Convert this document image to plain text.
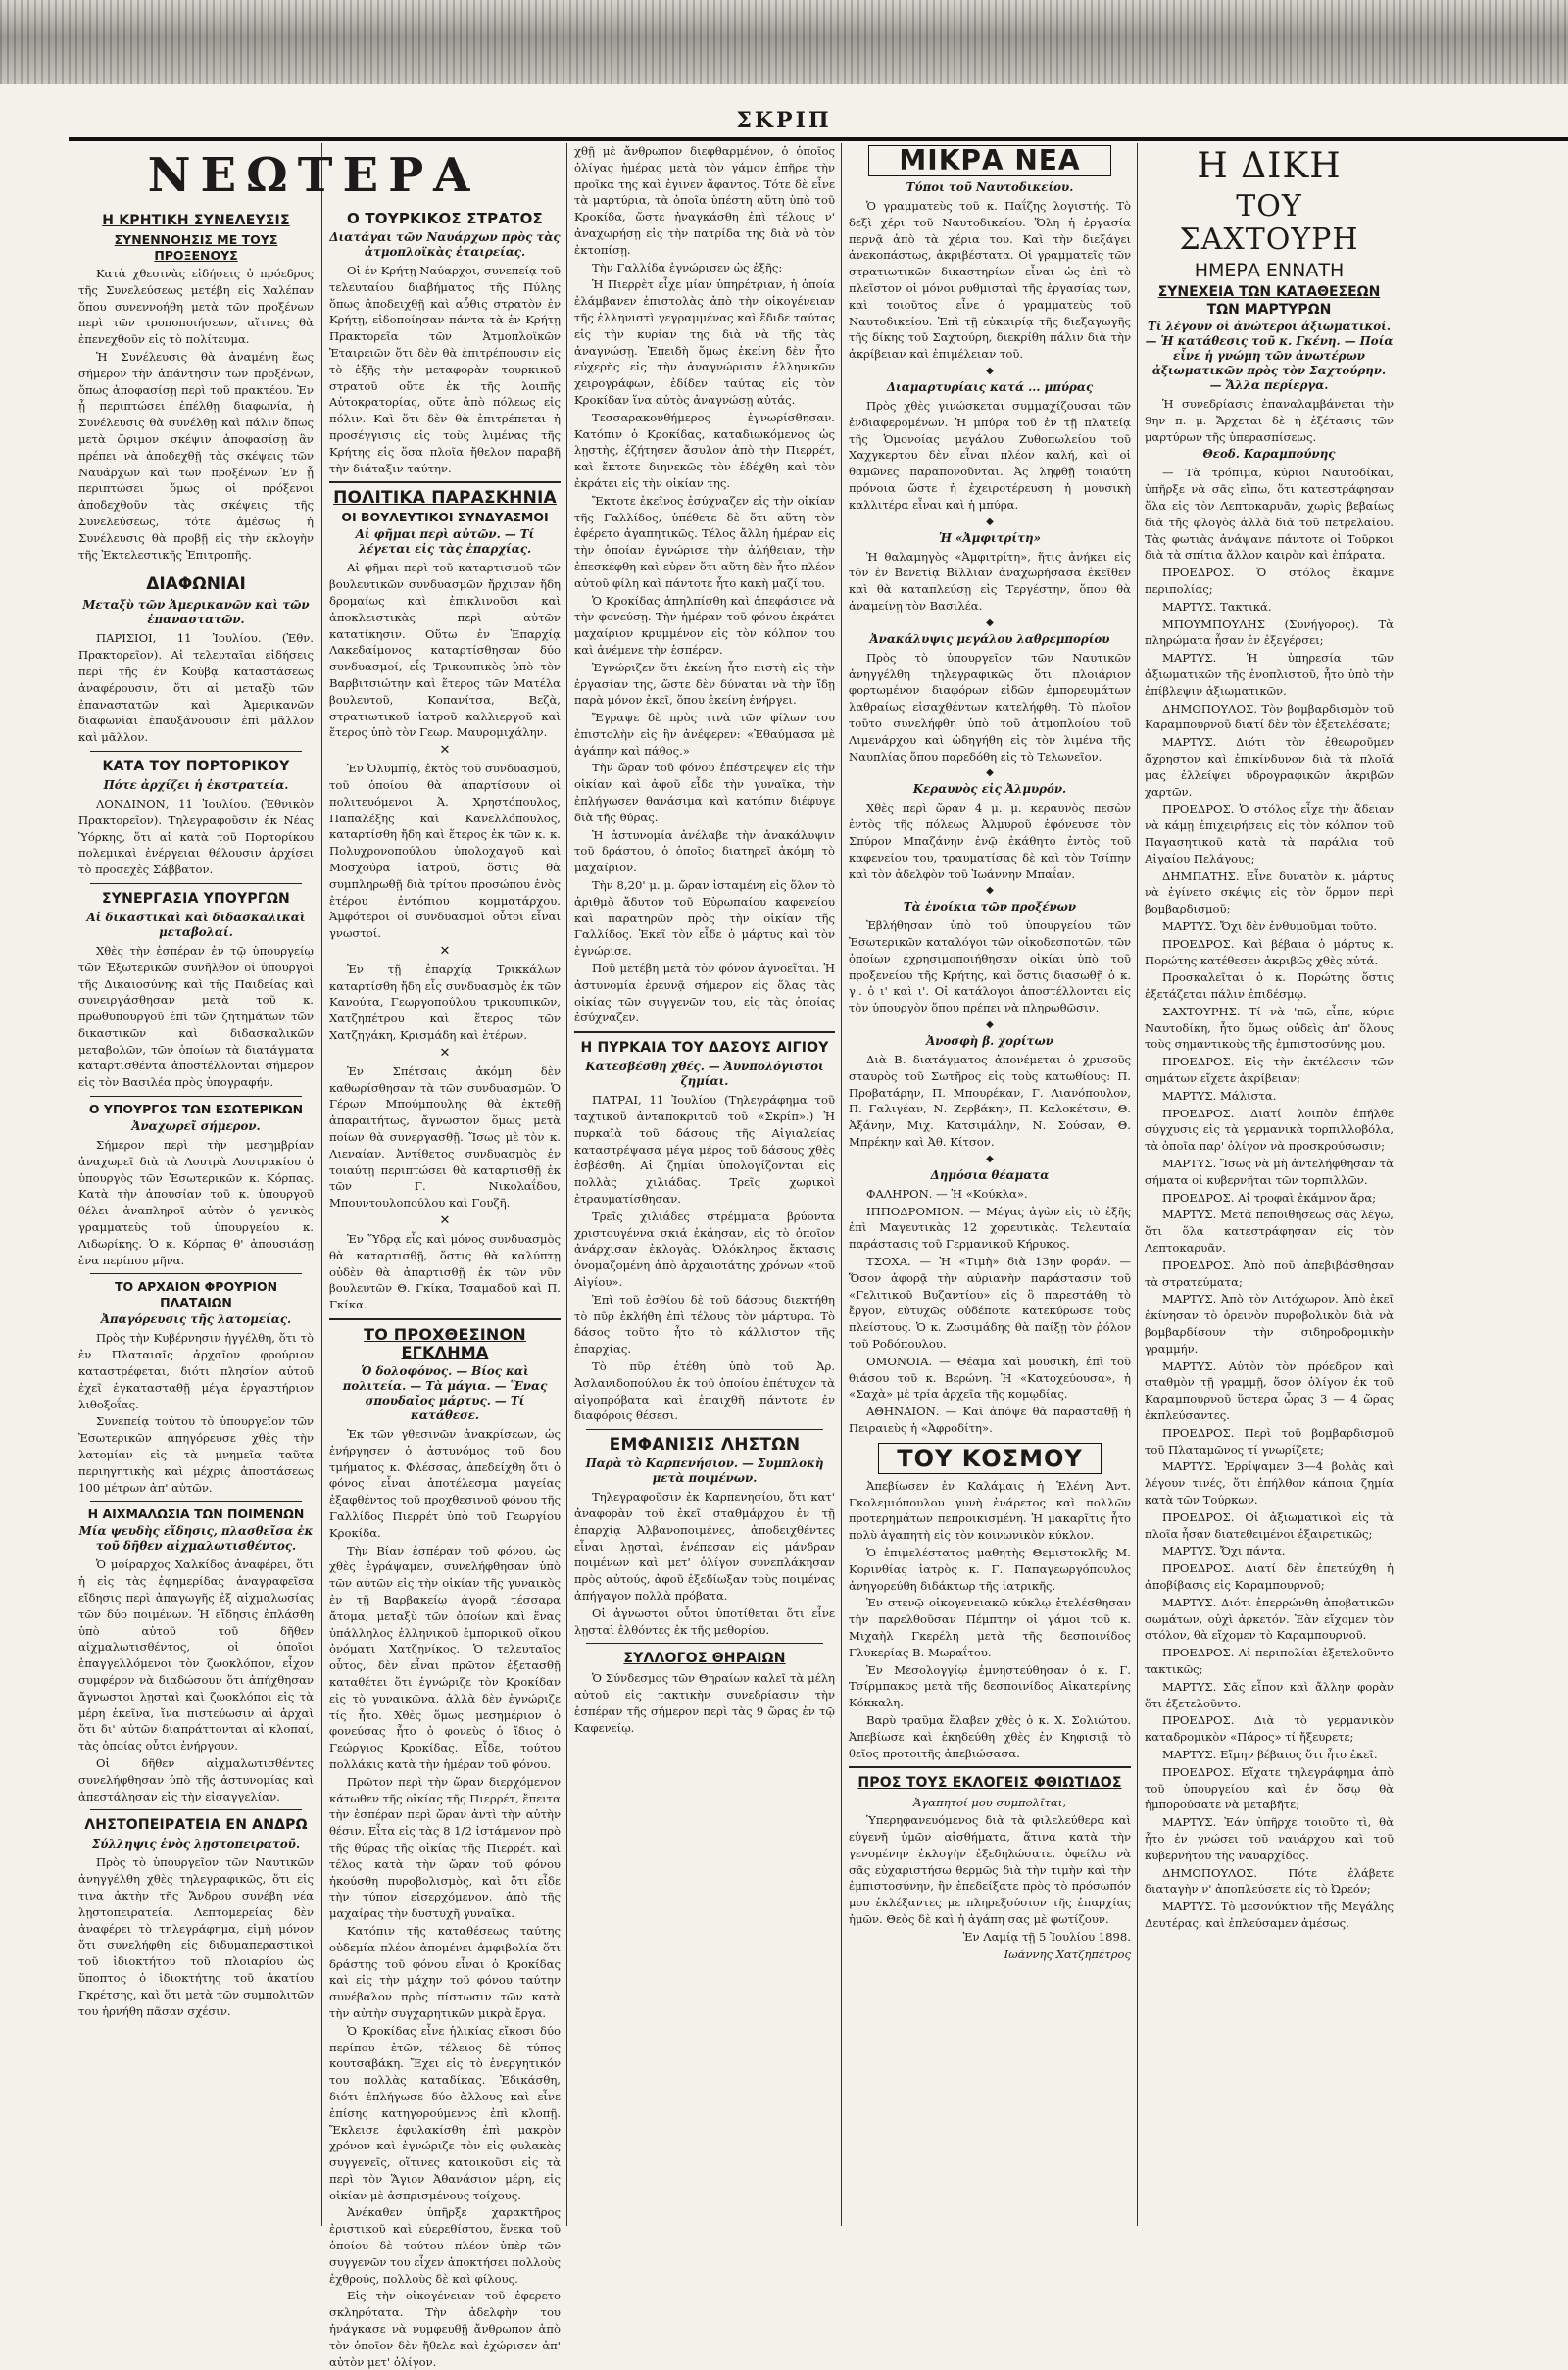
ΣΚΡΙΠ
ΝΕΩΤΕΡΑ
Η ΚΡΗΤΙΚΗ ΣΥΝΕΛΕΥΣΙΣ
ΣΥΝΕΝΝΟΗΣΙΣ ΜΕ ΤΟΥΣ ΠΡΟΞΕΝΟΥΣ

Κατὰ χθεσινὰς εἰδήσεις ὁ πρόεδρος τῆς Συνελεύσεως μετέβη εἰς Χαλέπαν ὅπου συνεννοήθη μετὰ τῶν προξένων περὶ τῶν τροποποιήσεων, αἵτινες θὰ ἐπενεχθοῦν εἰς τὸ πολίτευμα.

Ἡ Συνέλευσις θὰ ἀναμένη ἕως σήμερον τὴν ἀπάντησιν τῶν προξένων, ὅπως ἀποφασίσῃ περὶ τοῦ πρακτέου. Ἐν ᾗ περιπτώσει ἐπέλθῃ διαφωνία, ἡ Συνέλευσις θὰ συνέλθῃ καὶ πάλιν ὅπως μετὰ ὥριμον σκέψιν ἀποφασίσῃ ἂν πρέπει νὰ ἀποδεχθῇ τὰς σκέψεις τῶν Ναυάρχων καὶ τῶν προξένων. Ἐν ᾗ περιπτώσει ὅμως οἱ πρόξενοι ἀποδεχθοῦν τὰς σκέψεις τῆς Συνελεύσεως, τότε ἀμέσως ἡ Συνέλευσις θὰ προβῇ εἰς τὴν ἐκλογὴν τῆς Ἐκτελεστικῆς Ἐπιτροπῆς.

ΔΙΑΦΩΝΙΑΙ
Μεταξὺ τῶν Ἀμερικανῶν καὶ τῶν ἐπαναστατῶν.

ΠΑΡΙΣΙΟΙ, 11 Ἰουλίου. (Ἐθν. Πρακτορεῖον). Αἱ τελευταῖαι εἰδήσεις περὶ τῆς ἐν Κούβᾳ καταστάσεως ἀναφέρουσιν, ὅτι αἱ μεταξὺ τῶν ἐπαναστατῶν καὶ Ἀμερικανῶν διαφωνίαι ἐπαυξάνουσιν ἐπὶ μᾶλλον καὶ μᾶλλον.

ΚΑΤΑ ΤΟΥ ΠΟΡΤΟΡΙΚΟΥ
Πότε ἀρχίζει ἡ ἐκστρατεία.

ΛΟΝΔΙΝΟΝ, 11 Ἰουλίου. (Ἐθνικὸν Πρακτορεῖον). Τηλεγραφοῦσιν ἐκ Νέας Ὑόρκης, ὅτι αἱ κατὰ τοῦ Πορτορίκου πολεμικαὶ ἐνέργειαι θέλουσιν ἀρχίσει τὸ προσεχὲς Σάββατον.

ΣΥΝΕΡΓΑΣΙΑ ΥΠΟΥΡΓΩΝ
Αἱ δικαστικαὶ καὶ διδασκαλικαὶ μεταβολαί.

Χθὲς τὴν ἑσπέραν ἐν τῷ ὑπουργείῳ τῶν Ἐξωτερικῶν συνῆλθον οἱ ὑπουργοὶ τῆς Δικαιοσύνης καὶ τῆς Παιδείας καὶ συνειργάσθησαν μετὰ τοῦ κ. πρωθυπουργοῦ ἐπὶ τῶν ζητημάτων τῶν δικαστικῶν καὶ διδασκαλικῶν μεταβολῶν, τῶν ὁποίων τὰ διατάγματα καταρτισθέντα ἀποστέλλονται σήμερον εἰς τὸν Βασιλέα πρὸς ὑπογραφήν.

Ο ΥΠΟΥΡΓΟΣ ΤΩΝ ΕΣΩΤΕΡΙΚΩΝ
Ἀναχωρεῖ σήμερον.

Σήμερον περὶ τὴν μεσημβρίαν ἀναχωρεῖ διὰ τὰ Λουτρὰ Λουτρακίου ὁ ὑπουργὸς τῶν Ἐσωτερικῶν κ. Κόρπας. Κατὰ τὴν ἀπουσίαν τοῦ κ. ὑπουργοῦ θέλει ἀναπληροῖ αὐτὸν ὁ γενικὸς γραμματεὺς τοῦ ὑπουργείου κ. Λιδωρίκης. Ὁ κ. Κόρπας θ' ἀπουσιάσῃ ἐνα περίπου μῆνα.

ΤΟ ΑΡΧΑΙΟΝ ΦΡΟΥΡΙΟΝ ΠΛΑΤΑΙΩΝ
Ἀπαγόρευσις τῆς λατομείας.

Πρὸς τὴν Κυβέρνησιν ἠγγέλθη, ὅτι τὸ ἐν Πλαταιαῖς ἀρχαῖον φρούριον καταστρέφεται, διότι πλησίον αὐτοῦ ἐχεῖ ἐγκατασταθῇ μέγα ἐργαστήριον λιθοξοΐας.

Συνεπείᾳ τούτου τὸ ὑπουργεῖον τῶν Ἐσωτερικῶν ἀπηγόρευσε χθὲς τὴν λατομίαν εἰς τὰ μνημεῖα ταῦτα περιηγητικὴς καὶ μέχρις ἀποστάσεως 100 μέτρων ἀπ' αὐτῶν.

Η ΑΙΧΜΑΛΩΣΙΑ ΤΩΝ ΠΟΙΜΕΝΩΝ
Μία ψευδὴς εἴδησις, πλασθεῖσα ἐκ τοῦ δῆθεν αἰχμαλωτισθέντος.

Ὁ μοίραρχος Χαλκίδος ἀναφέρει, ὅτι ἡ εἰς τὰς ἐφημερίδας ἀναγραφεῖσα εἴδησις περὶ ἀπαγωγῆς ἐξ αἰχμαλωσίας τῶν δύο ποιμένων. Ἡ εἴδησις ἐπλάσθη ὑπὸ αὐτοῦ τοῦ δῆθεν αἰχμαλωτισθέντος, οἱ ὁποῖοι ἐπαγγελλόμενοι τὸν ζωοκλόπον, εἶχον συμφέρον νὰ διαδώσουν ὅτι ἀπήχθησαν ἄγνωστοι λῃσταὶ καὶ ζωοκλόποι εἰς τὰ μέρη ἐκεῖνα, ἵνα πιστεύωσιν αἱ ἀρχαὶ ὅτι δι' αὐτῶν διαπράττονται αἱ κλοπαί, τὰς ὁποίας οὗτοι ἐνήργουν.

Οἱ δῆθεν αἰχμαλωτισθέντες συνελήφθησαν ὑπὸ τῆς ἀστυνομίας καὶ ἀπεστάλησαν εἰς τὴν εἰσαγγελίαν.

ΛΗΣΤΟΠΕΙΡΑΤΕΙΑ ΕΝ ΑΝΔΡΩ
Σύλληψις ἑνὸς λῃστοπειρατοῦ.

Πρὸς τὸ ὑπουργεῖον τῶν Ναυτικῶν ἀνηγγέλθη χθὲς τηλεγραφικῶς, ὅτι εἰς τινα ἀκτὴν τῆς Ἄνδρου συνέβη νέα λῃστοπειρατεία. Λεπτομερείας δὲν ἀναφέρει τὸ τηλεγράφημα, εἰμὴ μόνον ὅτι συνελήφθη εἰς διδυμαπεραστικοὶ τοῦ ἰδιοκτήτου τοῦ πλοιαρίου ὡς ὕποπτος ὁ ἱδιοκτήτης τοῦ ἀκατίου Γκρέτσης, καὶ ὅτι μετὰ τῶν συμπολιτῶν του ἠρνήθη πᾶσαν σχέσιν.

Ο ΤΟΥΡΚΙΚΟΣ ΣΤΡΑΤΟΣ
Διατάγαι τῶν Ναυάρχων πρὸς τὰς ἀτμοπλοϊκὰς ἑταιρείας.

Οἱ ἐν Κρήτῃ Ναύαρχοι, συνεπείᾳ τοῦ τελευταίου διαβήματος τῆς Πύλης ὅπως ἀποδειχθῇ καὶ αὖθις στρατὸν ἐν Κρήτῃ, εἰδοποίησαν πάντα τὰ ἐν Κρήτῃ Πρακτορεῖα τῶν Ἀτμοπλοϊκῶν Ἑταιρειῶν ὅτι δὲν θὰ ἐπιτρέπουσιν εἰς τὸ ἑξῆς τὴν μεταφορὰν τουρκικοῦ στρατοῦ οὔτε ἐκ τῆς λοιπῆς Αὐτοκρατορίας, οὔτε ἀπὸ πόλεως εἰς πόλιν. Καὶ ὅτι δὲν θὰ ἐπιτρέπεται ἡ προσέγγισις εἰς τοὺς λιμένας τῆς Κρήτης εἰς ὅσα πλοῖα ἤθελον παραβῆ τὴν διάταξιν ταύτην.

ΠΟΛΙΤΙΚΑ ΠΑΡΑΣΚΗΝΙΑ
ΟΙ ΒΟΥΛΕΥΤΙΚΟΙ ΣΥΝΔΥΑΣΜΟΙ
Αἱ φῆμαι περὶ αὐτῶν. — Τί λέγεται εἰς τὰς ἐπαρχίας.

Αἱ φῆμαι περὶ τοῦ καταρτισμοῦ τῶν βουλευτικῶν συνδυασμῶν ἤρχισαν ἤδη δρομαίως καὶ ἐπικλινοῦσι καὶ ἀποκλειστικὰς περὶ αὐτῶν κατατίκησιν. Οὕτω ἐν Ἐπαρχίᾳ Λακεδαίμονος καταρτίσθησαν δύο συνδυασμοί, εἷς Τρικουπικὸς ὑπὸ τὸν Βαρβιτσιώτην καὶ ἕτερος τῶν Ματέλα βουλευτοῦ, Κοπανίτσα, Βεζὰ, στρατιωτικοῦ ἰατροῦ καλλιεργοῦ καὶ ἕτερος ὑπὸ τὸν Γεωρ. Μαυρομιχάλην.

✕

Ἐν Ὀλυμπίᾳ, ἐκτὸς τοῦ συνδυασμοῦ, τοῦ ὁποίου θὰ ἀπαρτίσουν οἱ πολιτευόμενοι Ἀ. Χρηστόπουλος, Παπαλέξης καὶ Κανελλόπουλος, καταρτίσθη ἤδη καὶ ἕτερος ἐκ τῶν κ. κ. Πολυχρονοπούλου ὑπολοχαγοῦ καὶ Μοσχούρα ἰατροῦ, ὅστις θὰ συμπληρωθῇ διὰ τρίτου προσώπου ἑνὸς ἑτέρου ἐντόπιου κομματάρχου. Ἀμφότεροι οἱ συνδυασμοὶ οὗτοι εἶναι γνωστοί.

✕

Ἐν τῇ ἐπαρχίᾳ Τρικκάλων καταρτίσθη ἤδη εἷς συνδυασμὸς ἐκ τῶν Κανούτα, Γεωργοπούλου τρικουπικῶν, Χατζηπέτρου καὶ ἕτερος τῶν Χατζηγάκη, Κρισμάδη καὶ ἑτέρων.

✕

Ἐν Σπέτσαις ἀκόμη δὲν καθωρίσθησαν τὰ τῶν συνδυασμῶν. Ὁ Γέρων Μπούμπουλης θὰ ἐκτεθῇ ἀπαραιτήτως, ἄγνωστον ὅμως μετὰ ποίων θὰ συνεργασθῇ. Ἴσως μὲ τὸν κ. Λιεναίαν. Ἀντίθετος συνδυασμὸς ἐν τοιαύτῃ περιπτώσει θὰ καταρτισθῇ ἐκ τῶν Γ. Νικολαΐδου, Μπουντουλοπούλου καὶ Γουζῆ.

✕

Ἐν Ὕδρᾳ εἷς καὶ μόνος συνδυασμὸς θὰ καταρτισθῇ, ὅστις θὰ καλύπτῃ οὐδὲν θὰ ἀπαρτισθῇ ἐκ τῶν νῦν βουλευτῶν Θ. Γκίκα, Τσαμαδοῦ καὶ Π. Γκίκα.

ΤΟ ΠΡΟΧΘΕΣΙΝΟΝ ΕΓΚΛΗΜΑ
Ὁ δολοφόνος. — Βίος καὶ πολιτεία. — Τὰ μάγια. — Ἕνας σπουδαῖος μάρτυς. — Τί κατάθεσε.

Ἐκ τῶν γθεσινῶν ἀνακρίσεων, ὡς ἐνήργησεν ὁ ἀστυνόμος τοῦ δου τμήματος κ. Φλέσσας, ἀπεδείχθη ὅτι ὁ φόνος εἶναι ἀποτέλεσμα μαγείας ἐξαφθέντος τοῦ προχθεσινοῦ φόνου τῆς Γαλλίδος Πιερρέτ ὑπὸ τοῦ Γεωργίου Κροκίδα.

Τὴν Βίαν ἐσπέραν τοῦ φόνου, ὡς χθὲς ἐγράψαμεν, συνελήφθησαν ὑπὸ τῶν αὐτῶν εἰς τὴν οἰκίαν τῆς γυναικὸς ἐν τῇ Βαρβακείῳ ἀγορᾷ τέσσαρα ἄτομα, μεταξὺ τῶν ὁποίων καὶ ἕνας ὑπάλληλος ἐλληνικοῦ ἐμπορικοῦ οἴκου ὀνόματι Χατζηνίκος. Ὁ τελευταῖος οὗτος, δὲν εἶναι πρῶτον ἐξετασθῇ καταθέτει ὅτι ἐγνώριζε τὸν Κροκίδαν εἰς τὸ γυναικῶνα, ἀλλὰ δὲν ἐγνώριζε τίς ἦτο. Χθὲς ὅμως μεσημέριον ὁ φονεύσας ἦτο ὁ φονεὺς ὁ ἴδιος ὁ Γεώργιος Κροκίδας. Εἶδε, τούτου πολλάκις κατὰ τὴν ἡμέραν τοῦ φόνου.

Πρῶτον περὶ τὴν ὥραν διερχόμενον κάτωθεν τῆς οἰκίας τῆς Πιερρέτ, ἔπειτα τὴν ἑσπέραν περὶ ὥραν ἀντὶ τὴν αὐτὴν θέσιν. Εἶτα εἰς τὰς 8 1/2 ἱστάμενον πρὸ τῆς θύρας τῆς οἰκίας τῆς Πιερρέτ, καὶ τέλος κατὰ τὴν ὥραν τοῦ φόνου ἠκούσθη πυροβολισμὸς, καὶ ὅτι εἶδε τὴν τύπον εἰσερχόμενον, ἀπὸ τῆς μαχαίρας τὴν δυστυχῆ γυναῖκα.

Κατόπιν τῆς καταθέσεως ταύτης οὐδεμία πλέον ἀπομένει ἀμφιβολία ὅτι δράστης τοῦ φόνου εἶναι ὁ Κροκίδας καὶ εἰς τὴν μάχην τοῦ φόνου ταύτην συνέβαλον πρὸς πίστωσιν τῶν κατὰ τὴν αὐτὴν συγχαρητικῶν μικρὰ ἔργα.

Ὁ Κροκίδας εἶνε ἡλικίας εἴκοσι δύο περίπου ἐτῶν, τέλειος δὲ τύπος κουτσαβάκη. Ἔχει εἰς τὸ ἐνεργητικόν του πολλὰς καταδίκας. Ἐδικάσθη, διότι ἐπλήγωσε δύο ἄλλους καὶ εἶνε ἐπίσης κατηγορούμενος ἐπὶ κλοπῇ. Ἔκλεισε ἐφυλακίσθη ἐπὶ μακρὸν χρόνον καὶ ἐγνώριζε τὸν εἰς φυλακὰς συγγενεῖς, οἵτινες κατοικοῦσι εἰς τὰ περὶ τὸν Ἅγιον Ἀθανάσιον μέρη, εἰς οἰκίαν μὲ ἀσπρισμένους τοίχους.

Ἀνέκαθεν ὑπῆρξε χαρακτῆρος ἐριστικοῦ καὶ εὐερεθίστου, ἕνεκα τοῦ ὁποίου δὲ τούτου πλέον ὑπὲρ τῶν συγγενῶν του εἶχεν ἀποκτήσει πολλοὺς ἐχθρούς, πολλοὺς δὲ καὶ φίλους.

Εἰς τὴν οἰκογένειαν τοῦ ἐφερετο σκληρότατα. Τὴν ἀδελφὴν του ἠνάγκασε νὰ νυμφευθῇ ἄνθρωπον ἀπὸ τὸν ὁποῖον δὲν ἤθελε καὶ ἐχώρισεν ἀπ' αὐτὸν μετ' ὀλίγον.

χθῇ μὲ ἄνθρωπον διεφθαρμένον, ὁ ὁποῖος ὀλίγας ἡμέρας μετὰ τὸν γάμον ἐπῆρε τὴν προῖκα της καὶ ἐγινεν ἄφαντος. Τότε δὲ εἶνε τὰ μαρτύρια, τὰ ὁποῖα ὑπέστη αὕτη ὑπὸ τοῦ Κροκίδα, ὥστε ἠναγκάσθη ἐπὶ τέλους ν' ἀναχωρήσῃ εἰς τὴν πατρίδα της διὰ νὰ τὸν ἐκτοπίσῃ.

Τὴν Γαλλίδα ἐγνώρισεν ὡς ἑξῆς:

Ἡ Πιερρὲτ εἶχε μίαν ὑπηρέτριαν, ἡ ὁποία ἐλάμβανεν ἐπιστολὰς ἀπὸ τὴν οἰκογένειαν τῆς ἐλληνιστὶ γεγραμμένας καὶ ἔδιδε ταύτας εἰς τὴν κυρίαν της διὰ νὰ τῆς τὰς ἀναγνώσῃ. Ἐπειδὴ ὅμως ἐκείνη δὲν ἦτο εὐχερὴς εἰς τὴν ἀναγνώρισιν ἑλληνικῶν χειρογράφων, ἐδίδεν ταύτας εἰς τὸν Κροκίδαν ἵνα αὐτὸς ἀναγνώσῃ αὐτάς.

Τεσσαρακονθήμερος ἐγνωρίσθησαν. Κατόπιν ὁ Κροκίδας, καταδιωκόμενος ὡς λῃστὴς, ἐζήτησεν ἄσυλον ἀπὸ τὴν Πιερρέτ, καὶ ἔκτοτε διηνεκῶς τὸν ἐδέχθη καὶ τὸν ἐκράτει εἰς τὴν οἰκίαν της.

Ἔκτοτε ἐκεῖνος ἐσύχναζεν εἰς τὴν οἰκίαν τῆς Γαλλίδος, ὑπέθετε δὲ ὅτι αὕτη τὸν ἐφέρετο ἀγαπητικῶς. Τέλος ἄλλη ἡμέραν εἰς τὴν ὁποίαν ἐγνώρισε τὴν ἀλήθειαν, τὴν ἐπεσκέφθη καὶ εὑρεν ὅτι αὕτη δὲν ἦτο πλέον αὐτοῦ φίλη καὶ πάντοτε ἦτο κακὴ μαζί του.

Ὁ Κροκίδας ἀπηλπίσθη καὶ ἀπεφάσισε νὰ τὴν φονεύσῃ. Τὴν ἡμέραν τοῦ φόνου ἐκράτει μαχαίριον κρυμμένον εἰς τὸν κόλπον του καὶ ἀνέμενε τὴν ἑσπέραν.

Ἐγνώριζεν ὅτι ἐκείνη ἦτο πιστὴ εἰς τὴν ἐργασίαν της, ὥστε δὲν δύναται νὰ τὴν ἴδῃ παρὰ μόνον ἐκεῖ, ὅπου ἐκείνη ἐνήργει.

Ἔγραψε δὲ πρὸς τινὰ τῶν φίλων του ἐπιστολὴν εἰς ἣν ἀνέφερεν: «Ἐθαύμασα μὲ ἀγάπην καὶ πάθος.»

Τὴν ὥραν τοῦ φόνου ἐπέστρεψεν εἰς τὴν οἰκίαν καὶ ἀφοῦ εἶδε τὴν γυναῖκα, τὴν ἐπλήγωσεν θανάσιμα καὶ κατόπιν διέφυγε διὰ τῆς θύρας.

Ἡ ἀστυνομία ἀνέλαβε τὴν ἀνακάλυψιν τοῦ δράστου, ὁ ὁποῖος διατηρεῖ ἀκόμη τὸ μαχαίριον.

Τὴν 8,20' μ. μ. ὥραν ἰσταμένη εἰς ὅλον τὸ ἀριθμὸ ἄδυτον τοῦ Εὐρωπαίου καφενείου καὶ παρατηρῶν πρὸς τὴν οἰκίαν τῆς Γαλλίδος. Ἐκεῖ τὸν εἶδε ὁ μάρτυς καὶ τὸν ἐγνώρισε.

Ποῦ μετέβη μετὰ τὸν φόνον ἀγνοεῖται. Ἡ ἀστυνομία ἐρευνᾷ σήμερον εἰς ὅλας τὰς οἰκίας τῶν συγγενῶν του, εἰς τὰς ὁποίας ἐσύχναζεν.

Η ΠΥΡΚΑΙΑ ΤΟΥ ΔΑΣΟΥΣ ΑΙΓΙΟΥ
Κατεσβέσθη χθές. — Ἀυνπολόγιστοι ζημίαι.

ΠΑΤΡΑΙ, 11 Ἰουλίου (Τηλεγράφημα τοῦ ταχτικοῦ ἀνταποκριτοῦ τοῦ «Σκρίπ».) Ἡ πυρκαϊὰ τοῦ δάσους τῆς Αἰγιαλείας καταστρέψασα μέγα μέρος τοῦ δάσους χθὲς ἐσβέσθη. Αἱ ζημίαι ὑπολογίζονται εἰς πολλὰς χιλιάδας. Τρεῖς χωρικοὶ ἐτραυματίσθησαν.

Τρεῖς χιλιάδες στρέμματα βρύοντα χριστουγέννα σκιά ἐκάησαν, εἰς τὸ ὁποῖον ἀνάρχισαν ἐκλογὰς. Ὀλόκληρος ἔκτασις ὀνομαζομένη ἀπὸ ἀρχαιοτάτης χρόνων «τοῦ Αἰγίου».

Ἐπὶ τοῦ ἐσθίου δὲ τοῦ δάσους διεκτήθη τὸ πῦρ ἐκλήθη ἐπὶ τέλους τὸν μάρτυρα. Τὸ δάσος τοῦτο ἦτο τὸ κάλλιστον τῆς ἐπαρχίας.

Τὸ πῦρ ἐτέθη ὑπὸ τοῦ Ἀρ. Ἀσλανιδοπούλου ἐκ τοῦ ὁποίου ἐπέτυχον τὰ αἰγοπρόβατα καὶ ἐπαιχθῆ πάντοτε ἐν διαφόροις θέσεσι.

ΕΜΦΑΝΙΣΙΣ ΛΗΣΤΩΝ
Παρὰ τὸ Καρπενήσιον. — Συμπλοκὴ μετὰ ποιμένων.

Τηλεγραφοῦσιν ἐκ Καρπενησίου, ὅτι κατ' ἀναφορὰν τοῦ ἐκεῖ σταθμάρχου ἐν τῇ ἐπαρχίᾳ Ἀλβανοποιμένες, ἀποδειχθέντες εἶναι λῃσταὶ, ἐνέπεσαν εἰς μάνδραν ποιμένων καὶ μετ' ὀλίγον συνεπλάκησαν πρὸς αὐτούς, ἀφοῦ ἐξεδίωξαν τοὺς ποιμένας ἀπήγαγον πολλὰ πρόβατα.

Οἱ ἀγνωστοι οὗτοι ὑποτίθεται ὅτι εἶνε λῃσταὶ ἐλθόντες ἐκ τῆς μεθορίου.

ΣΥΛΛΟΓΟΣ ΘΗΡΑΙΩΝ

Ὁ Σύνδεσμος τῶν Θηραίων καλεῖ τὰ μέλη αὐτοῦ εἰς τακτικὴν συνεδρίασιν τὴν ἑσπέραν τῆς σήμερον περὶ τὰς 9 ὥρας ἐν τῷ Καφενείῳ.

ΜΙΚΡΑ ΝΕΑ
Τύποι τοῦ Ναυτοδικείου.

Ὁ γραμματεὺς τοῦ κ. Παΐζης λογιστής. Τὸ δεξὶ χέρι τοῦ Ναυτοδικείου. Ὅλη ἡ ἐργασία περνᾷ ἀπὸ τὰ χέρια του. Καὶ τὴν διεξάγει ἀνεκοπάστως, ἀκριβέστατα. Οἱ γραμματεῖς τῶν στρατιωτικῶν δικαστηρίων εἶναι ὡς ἐπὶ τὸ πλεῖστον οἱ μόνοι ρυθμισταὶ τῆς ἐργασίας των, καὶ τοιοῦτος εἶνε ὁ γραμματεὺς τοῦ Ναυτοδικείου. Ἐπὶ τῇ εὐκαιρίᾳ τῆς διεξαγωγῆς τῆς δίκης τοῦ Σαχτούρη, διεκρίθη πάλιν διὰ τὴν ἀκρίβειαν καὶ ἐπιμέλειαν τοῦ.

◆
Διαμαρτυρίαις κατά ... μπύρας

Πρὸς χθὲς γινώσκεται συμμαχίζουσαι τῶν ἐνδιαφερομένων. Ἡ μπύρα τοῦ ἐν τῇ πλατείᾳ τῆς Ὁμονοίας μεγάλου Ζυθοπωλείου τοῦ Χαχγκερτου δὲν εἶναι πλέον καλή, καὶ οἱ θαμῶνες παραπονοῦνται. Ἀς ληφθῇ τοιαύτη πρόνοια ὥστε ἡ ἐχειροτέρευση ἡ μουσικὴ καλλιτέρα εἶναι καὶ ἡ μπύρα.

◆
Ἡ «Ἀμφιτρίτη»

Ἡ θαλαμηγὸς «Ἀμφιτρίτη», ἥτις ἀνήκει εἰς τὸν ἐν Βενετίᾳ Βίλλιαν ἀναχωρήσασα ἐκεῖθεν καὶ θὰ καταπλεύσῃ εἰς Τεργέστην, ὅπου θὰ ἀναμείνῃ τὸν Βασιλέα.

◆
Ἀνακάλυψις μεγάλου λαθρεμπορίου

Πρὸς τὸ ὑπουργεῖον τῶν Ναυτικῶν ἀνηγγέλθη τηλεγραφικῶς ὅτι πλοιάριον φορτωμένον διαφόρων εἰδῶν ἐμπορευμάτων λαθραίως εἰσαχθέντων κατελήφθη. Τὸ πλοῖον τοῦτο συνελήφθη ὑπὸ τοῦ ἀτμοπλοίου τοῦ Λιμενάρχου καὶ ὠδηγήθη εἰς τὸν λιμένα τῆς Ναυπλίας ὅπου παρεδόθη εἰς τὸ Τελωνεῖον.

◆
Κεραυνὸς εἰς Ἀλμυρόν.

Χθὲς περὶ ὥραν 4 μ. μ. κεραυνὸς πεσὼν ἐντὸς τῆς πόλεως Ἀλμυροῦ ἐφόνευσε τὸν Σπύρον Μπαζάνην ἐνῷ ἐκάθητο ἐντὸς τοῦ καφενείου του, τραυματίσας δὲ καὶ τὸν Τσίπην καὶ τὸν ἀδελφὸν τοῦ Ἰωάννην Μπαΐαν.

◆
Τὰ ἐνοίκια τῶν προξένων

Ἐβλήθησαν ὑπὸ τοῦ ὑπουργείου τῶν Ἐσωτερικῶν καταλόγοι τῶν οἰκοδεσποτῶν, τῶν ὁποίων ἐχρησιμοποιήθησαν οἰκίαι ὑπὸ τοῦ προξενείου τῆς Κρήτης, καὶ ὅστις διασωθῇ ὁ κ. γ'. ὁ ι' καὶ ι'. Οἱ κατάλογοι ἀποστέλλονται εἰς τὸν ὑπουργὸν ὅπου πρέπει νὰ πληρωθῶσιν.

◆
Ἀνοσφὴ β. χορίτων

Διὰ Β. διατάγματος ἀπονέμεται ὁ χρυσοῦς σταυρὸς τοῦ Σωτῆρος εἰς τοὺς κατωθίους: Π. Προβατάρην, Π. Μπουρέκαν, Γ. Λιανόπουλον, Π. Γαλιγέαν, Ν. Ζερβάκην, Π. Καλοκέτσιν, Θ. Ἀξάνην, Μιχ. Κατσιμάλην, Ν. Σούσαν, Θ. Μπρέκην καὶ Ἀθ. Κίτσον.

◆
Δημόσια θέαματα

ΦΑΛΗΡΟΝ. — Ἡ «Κούκλα».

ΙΠΠΟΔΡΟΜΙΟΝ. — Μέγας ἀγὼν εἰς τὸ ἑξῆς ἐπὶ Μαγευτικὰς 12 χορευτικὰς. Τελευταία παράστασις τοῦ Γερμανικοῦ Κήρυκος.

ΤΣΟΧΑ. — Ἡ «Τιμὴ» διὰ 13ην φοράν. — Ὅσον ἀφορᾷ τὴν αὐριανὴν παράστασιν τοῦ «Γελιτικοῦ Βυζαντίου» εἰς ὃ παρεστάθη τὸ ἔργον, εὐτυχῶς οὐδέποτε κατεκύρωσε τοὺς πλείστους. Ὁ κ. Ζωσιμάδης θὰ παίξῃ τὸν ῥόλον τοῦ Ροδόπουλου.

ΟΜΟΝΟΙΑ. — Θέαμα καὶ μουσικὴ, ἐπὶ τοῦ θιάσου τοῦ κ. Βερώνη. Ἡ «Κατοχεύουσα», ἡ «Σαχὰ» μὲ τρία ἀρχεῖα τῆς κομῳδίας.

ΑΘΗΝΑΙΟΝ. — Καὶ ἀπόψε θὰ παρασταθῇ ἡ Πειραιεὺς ἡ «Ἀφροδίτη».

ΤΟΥ ΚΟΣΜΟΥ

Ἀπεβίωσεν ἐν Καλάμαις ἡ Ἑλένη Ἀντ. Γκολεμιόπουλου γυνὴ ἐνάρετος καὶ πολλῶν προτερημάτων πεπροικισμένη. Ἡ μακαρῖτις ἦτο πολὺ ἀγαπητὴ εἰς τὸν κοινωνικὸν κύκλον.

Ὁ ἐπιμελέστατος μαθητὴς Θεμιστοκλῆς Μ. Κορινθίας ἰατρὸς κ. Γ. Παπαγεωργόπουλος ἀνηγορεύθη διδάκτωρ τῆς ἰατρικῆς.

Ἐν στενῷ οἰκογενειακῷ κύκλῳ ἐτελέσθησαν τὴν παρελθοῦσαν Πέμπτην οἱ γάμοι τοῦ κ. Μιχαὴλ Γκερέλη μετὰ τῆς δεσποινίδος Γλυκερίας Β. Μωραΐτου.

Ἐν Μεσολογγίῳ ἐμνηστεύθησαν ὁ κ. Γ. Τσίρμπακος μετὰ τῆς δεσποινίδος Αἰκατερίνης Κόκκαλη.

Βαρὺ τραῦμα ἔλαβεν χθὲς ὁ κ. Χ. Σολιώτου. Ἀπεβίωσε καὶ ἐκηδεύθη χθὲς ἐν Κηφισιᾷ τὸ θεῖος προτοιτῆς ἀπεβιώσασα.

ΠΡΟΣ ΤΟΥΣ ΕΚΛΟΓΕΙΣ ΦΘΙΩΤΙΔΟΣ

Ἀγαπητοί μου συμπολῖται,

Ὑπερηφανευόμενος διὰ τὰ φιλελεύθερα καὶ εὐγενῆ ὑμῶν αἰσθήματα, ἅτινα κατὰ τὴν γενομένην ἐκλογὴν ἐξεδηλώσατε, ὀφείλω νὰ σᾶς εὐχαριστήσω θερμῶς διὰ τὴν τιμὴν καὶ τὴν ἐμπιστοσύνην, ἣν ἐπεδείξατε πρὸς τὸ πρόσωπόν μου ἐκλέξαντες με πληρεξούσιον τῆς ἐπαρχίας ἡμῶν. Θεὸς δὲ καὶ ἡ ἀγάπη σας μὲ φωτίζουν.

Ἐν Λαμίᾳ τῇ 5 Ἰουλίου 1898.

Ἰωάννης Χατζηπέτρος

Η ΔΙΚΗ
ΤΟΥ ΣΑΧΤΟΥΡΗ
ΗΜΕΡΑ ΕΝΝΑΤΗ
ΣΥΝΕΧΕΙΑ ΤΩΝ ΚΑΤΑΘΕΣΕΩΝ
ΤΩΝ ΜΑΡΤΥΡΩΝ
Τί λέγουν οἱ ἀνώτεροι ἀξιωματικοί. — Ἡ κατάθεσις τοῦ κ. Γκένη. — Ποία εἶνε ἡ γνώμη τῶν ἀνωτέρων ἀξιωματικῶν πρὸς τὸν Σαχτούρην. — Ἄλλα περίεργα.

Ἡ συνεδρίασις ἐπαναλαμβάνεται τὴν 9ην π. μ. Ἄρχεται δὲ ἡ ἐξέτασις τῶν μαρτύρων τῆς ὑπερασπίσεως.

Θεοδ. Καραμπούνης

— Τὰ τρόπιμα, κύριοι Ναυτοδίκαι, ὑπῆρξε νὰ σᾶς εἴπω, ὅτι κατεστράφησαν ὅλα εἰς τὸν Λεπτοκαρυᾶν, χωρὶς βεβαίως διὰ τῆς φλογὸς ἀλλὰ διὰ τοῦ πετρελαίου. Τὰς φωτιὰς ἀνάψανε πάντοτε οἱ Τοῦρκοι διὰ τὰ σπίτια ἄλλον καιρὸν καὶ ἐπάρατα.

ΠΡΟΕΔΡΟΣ. Ὁ στόλος ἔκαμνε περιπολίας;

ΜΑΡΤΥΣ. Τακτικά.

ΜΠΟΥΜΠΟΥΛΗΣ (Συνήγορος). Τὰ πληρώματα ἦσαν ἐν ἐξεγέρσει;

ΜΑΡΤΥΣ. Ἡ ὑπηρεσία τῶν ἀξιωματικῶν τῆς ἐνοπλιστοῦ, ἦτο ὑπὸ τὴν ἐπίβλεψιν ἀξιωματικῶν.

ΔΗΜΟΠΟΥΛΟΣ. Τὸν βομβαρδισμὸν τοῦ Καραμπουρνοῦ διατί δὲν τὸν ἐξετελέσατε;

ΜΑΡΤΥΣ. Διότι τὸν ἐθεωροῦμεν ἄχρηστον καὶ ἐπικίνδυνον διὰ τὰ πλοῖά μας ἐλλείψει ὑδρογραφικῶν ἀκριβῶν χαρτῶν.

ΠΡΟΕΔΡΟΣ. Ὁ στόλος εἶχε τὴν ἄδειαν νὰ κάμῃ ἐπιχειρήσεις εἰς τὸν κόλπον τοῦ Παγασητικοῦ κατὰ τὰ παράλια τοῦ Αἰγαίου Πελάγους;

ΔΗΜΠΑΤΗΣ. Εἶνε δυνατὸν κ. μάρτυς νὰ ἐγίνετο σκέψις εἰς τὸν ὅρμον περὶ βομβαρδισμοῦ;

ΜΑΡΤΥΣ. Ὄχι δὲν ἐνθυμοῦμαι τοῦτο.

ΠΡΟΕΔΡΟΣ. Καὶ βέβαια ὁ μάρτυς κ. Πορώτης κατέθεσεν ἀκριβῶς χθὲς αὐτά.

Προσκαλεῖται ὁ κ. Πορώτης ὅστις ἐξετάζεται πάλιν ἐπιδέσμῳ.

ΣΑΧΤΟΥΡΗΣ. Τί νὰ 'πῶ, εἶπε, κύριε Ναυτοδίκη, ἦτο ὅμως οὐδεὶς ἀπ' ὅλους τοὺς σημαντικοὺς τῆς ἐμπιστοσύνης μου.

ΠΡΟΕΔΡΟΣ. Εἰς τὴν ἐκτέλεσιν τῶν σημάτων εἴχετε ἀκρίβειαν;

ΜΑΡΤΥΣ. Μάλιστα.

ΠΡΟΕΔΡΟΣ. Διατί λοιπὸν ἐπήλθε σύγχυσις εἰς τὰ γερμανικὰ τορπιλλοβόλα, τὰ ὁποῖα παρ' ὀλίγον νὰ προσκρούσωσιν;

ΜΑΡΤΥΣ. Ἴσως νὰ μὴ ἀντελήφθησαν τὰ σήματα οἱ κυβερνῆται τῶν τορπιλλῶν.

ΠΡΟΕΔΡΟΣ. Αἱ τροφαὶ ἐκάμνον ἄρα;

ΜΑΡΤΥΣ. Μετὰ πεποιθήσεως σᾶς λέγω, ὅτι ὅλα κατεστράφησαν εἰς τὸν Λεπτοκαρυᾶν.

ΠΡΟΕΔΡΟΣ. Ἀπὸ ποῦ ἀπεβιβάσθησαν τὰ στρατεύματα;

ΜΑΡΤΥΣ. Ἀπὸ τὸν Λιτόχωρον. Ἀπὸ ἐκεῖ ἐκίνησαν τὸ ὀρεινὸν πυροβολικὸν διὰ νὰ βομβαρδίσουν τὴν σιδηροδρομικὴν γραμμήν.

ΜΑΡΤΥΣ. Αὐτὸν τὸν πρόεδρον καὶ σταθμὸν τῇ γραμμῇ, ὅσον ὀλίγον ἐκ τοῦ Καραμπουρνοῦ ὕστερα ὧρας 3 — 4 ὥρας ἐκπλεύσαντες.

ΠΡΟΕΔΡΟΣ. Περὶ τοῦ βομβαρδισμοῦ τοῦ Πλαταμῶνος τί γνωρίζετε;

ΜΑΡΤΥΣ. Ἐρρίψαμεν 3—4 βολὰς καὶ λέγουν τινές, ὅτι ἐπήλθον κάποια ζημία κατὰ τῶν Τούρκων.

ΠΡΟΕΔΡΟΣ. Οἱ ἀξιωματικοὶ εἰς τὰ πλοῖα ἦσαν διατεθειμένοι ἐξαιρετικῶς;

ΜΑΡΤΥΣ. Ὄχι πάντα.

ΠΡΟΕΔΡΟΣ. Διατί δὲν ἐπετεύχθη ἡ ἀποβίβασις εἰς Καραμπουρνοῦ;

ΜΑΡΤΥΣ. Διότι ἐπερρώνθη ἀποβατικῶν σωμάτων, οὐχὶ ἀρκετόν. Ἐὰν εἴχομεν τὸν στόλον, θὰ εἴχομεν τὸ Καραμπουρνοῦ.

ΠΡΟΕΔΡΟΣ. Αἱ περιπολίαι ἐξετελοῦντο τακτικῶς;

ΜΑΡΤΥΣ. Σᾶς εἶπον καὶ ἄλλην φορὰν ὅτι ἐξετελοῦντο.

ΠΡΟΕΔΡΟΣ. Διὰ τὸ γερμανικὸν καταδρομικὸν «Πάρος» τί ἤξευρετε;

ΜΑΡΤΥΣ. Εἴμην βέβαιος ὅτι ἦτο ἐκεῖ.

ΠΡΟΕΔΡΟΣ. Εἴχατε τηλεγράφημα ἀπὸ τοῦ ὑπουργείου καὶ ἐν ὅσῳ θὰ ἠμπορούσατε νὰ μεταβῆτε;

ΜΑΡΤΥΣ. Ἐάν ὑπῆρχε τοιοῦτο τὶ, θὰ ἦτο ἐν γνώσει τοῦ ναυάρχου καὶ τοῦ κυβερνήτου τῆς ναυαρχίδος.

ΔΗΜΟΠΟΥΛΟΣ. Πότε ἐλάβετε διαταγὴν ν' ἀποπλεύσετε εἰς τὸ Ὠρεόν;

ΜΑΡΤΥΣ. Τὸ μεσονύκτιον τῆς Μεγάλης Δευτέρας, καὶ ἐπλεύσαμεν ἀμέσως.
